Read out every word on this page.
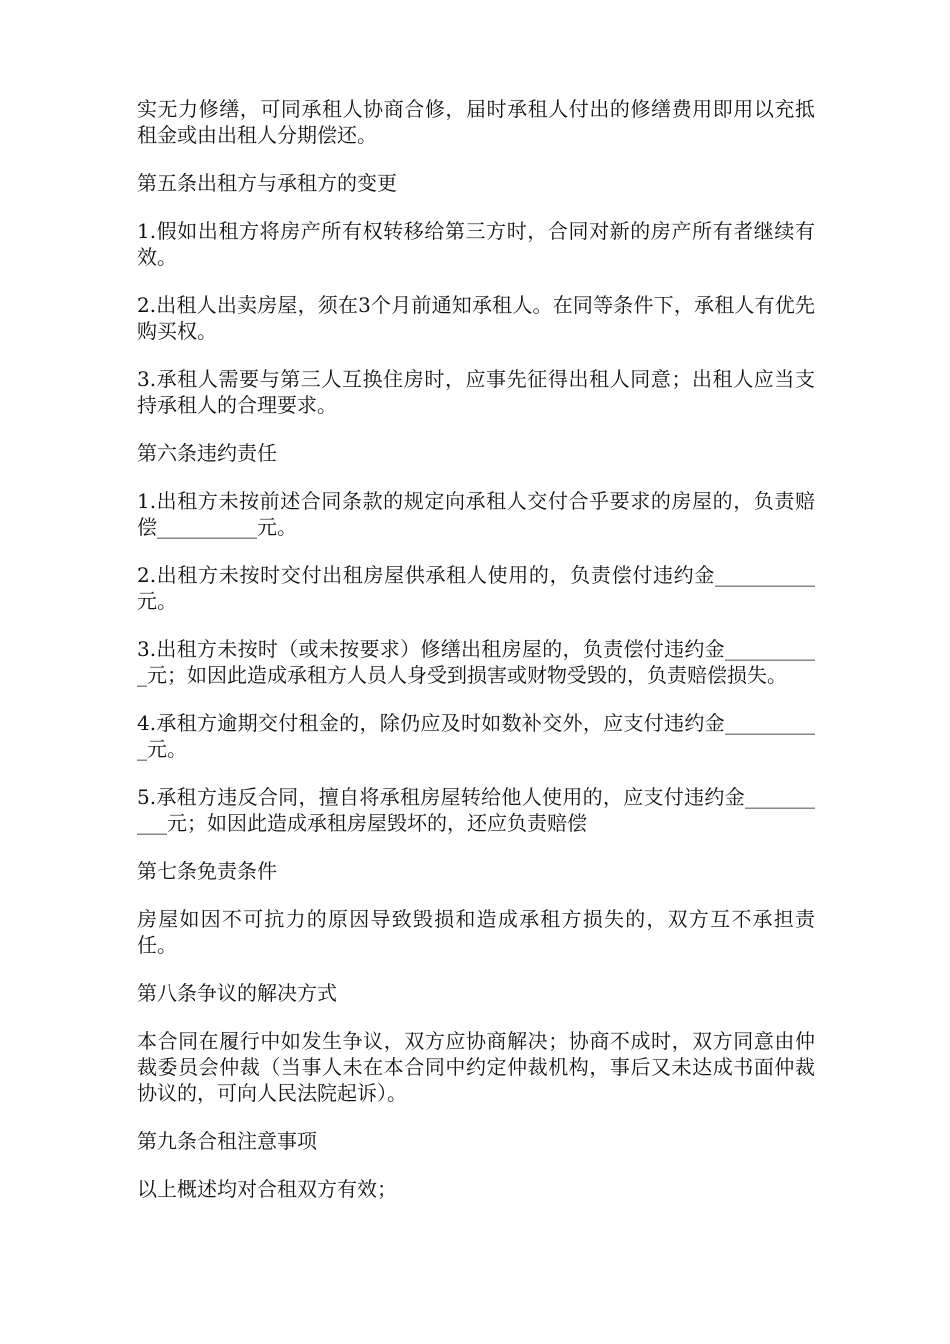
实无力修缮，可同承租人协商合修，届时承租人付出的修缮费用即用以充抵租金或由出租人分期偿还。

第五条出租方与承租方的变更

1.假如出租方将房产所有权转移给第三方时，合同对新的房产所有者继续有效。

2.出租人出卖房屋，须在3个月前通知承租人。在同等条件下，承租人有优先购买权。

3.承租人需要与第三人互换住房时，应事先征得出租人同意；出租人应当支持承租人的合理要求。

第六条违约责任

1.出租方未按前述合同条款的规定向承租人交付合乎要求的房屋的，负责赔偿__________元。

2.出租方未按时交付出租房屋供承租人使用的，负责偿付违约金__________元。

3.出租方未按时（或未按要求）修缮出租房屋的，负责偿付违约金__________元；如因此造成承租方人员人身受到损害或财物受毁的，负责赔偿损失。

4.承租方逾期交付租金的，除仍应及时如数补交外，应支付违约金__________元。

5.承租方违反合同，擅自将承租房屋转给他人使用的，应支付违约金__________元；如因此造成承租房屋毁坏的，还应负责赔偿

第七条免责条件

房屋如因不可抗力的原因导致毁损和造成承租方损失的，双方互不承担责任。

第八条争议的解决方式

本合同在履行中如发生争议，双方应协商解决；协商不成时，双方同意由仲裁委员会仲裁（当事人未在本合同中约定仲裁机构，事后又未达成书面仲裁协议的，可向人民法院起诉）。

第九条合租注意事项

以上概述均对合租双方有效；
